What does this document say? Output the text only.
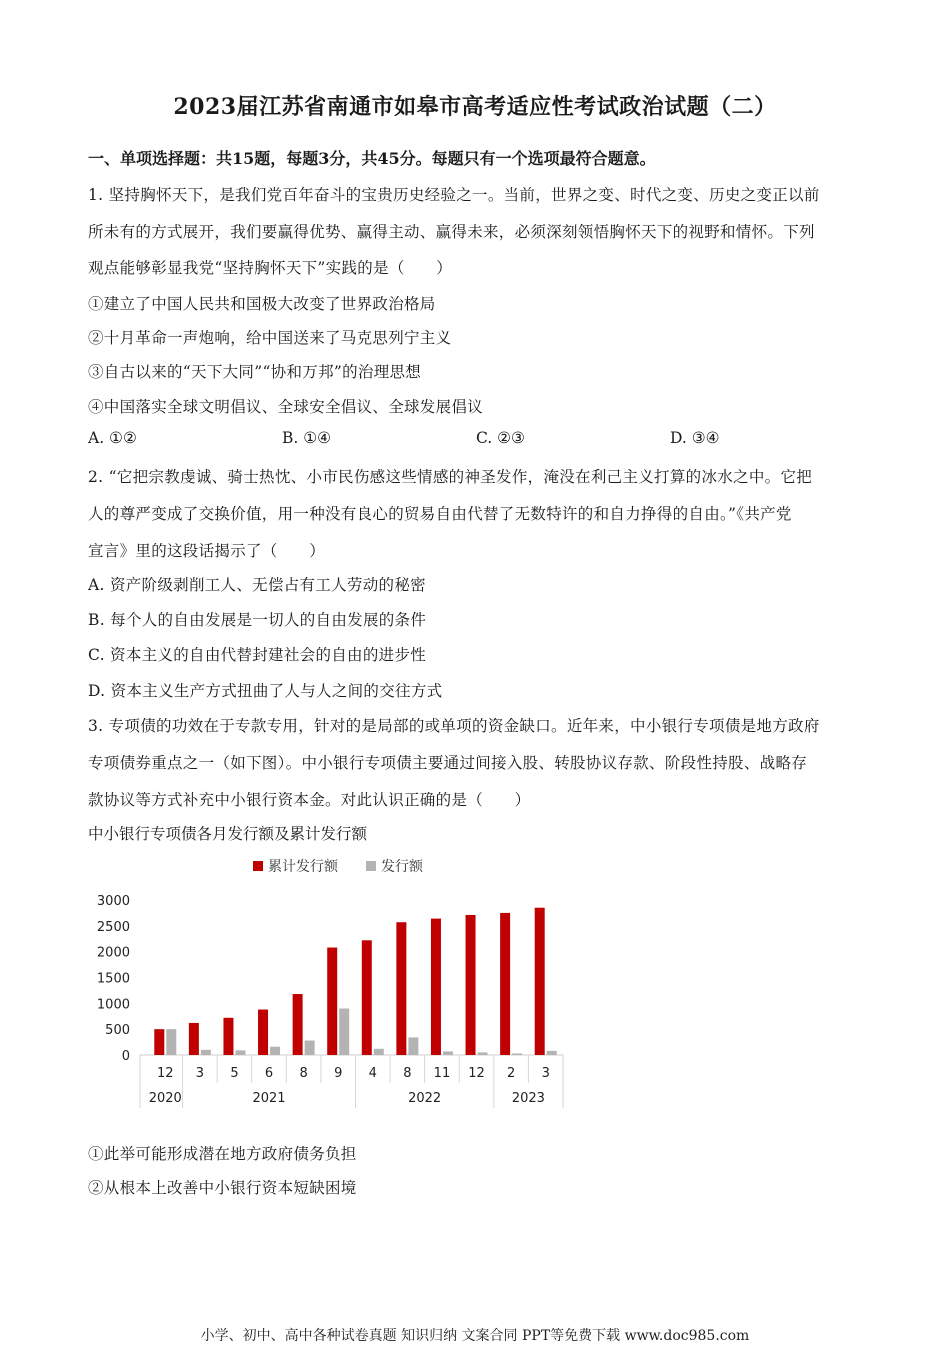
2023届江苏省南通市如皋市高考适应性考试政治试题（二）
一、单项选择题：共15题，每题3分，共45分。每题只有一个选项最符合题意。
1. 坚持胸怀天下，是我们党百年奋斗的宝贵历史经验之一。当前，世界之变、时代之变、历史之变正以前
所未有的方式展开，我们要赢得优势、赢得主动、赢得未来，必须深刻领悟胸怀天下的视野和情怀。下列
观点能够彰显我党“坚持胸怀天下”实践的是（　　）
①建立了中国人民共和国极大改变了世界政治格局
②十月革命一声炮响，给中国送来了马克思列宁主义
③自古以来的“天下大同”“协和万邦”的治理思想
④中国落实全球文明倡议、全球安全倡议、全球发展倡议
A. ①②	B. ①④	C. ②③	D. ③④
2. “它把宗教虔诚、骑士热忱、小市民伤感这些情感的神圣发作，淹没在利己主义打算的冰水之中。它把
人的尊严变成了交换价值，用一种没有良心的贸易自由代替了无数特许的和自力挣得的自由。”《共产党
宣言》里的这段话揭示了（　　）
A. 资产阶级剥削工人、无偿占有工人劳动的秘密
B. 每个人的自由发展是一切人的自由发展的条件
C. 资本主义的自由代替封建社会的自由的进步性
D. 资本主义生产方式扭曲了人与人之间的交往方式
3. 专项债的功效在于专款专用，针对的是局部的或单项的资金缺口。近年来，中小银行专项债是地方政府
专项债券重点之一（如下图）。中小银行专项债主要通过间接入股、转股协议存款、阶段性持股、战略存
款协议等方式补充中小银行资本金。对此认识正确的是（　　）
中小银行专项债各月发行额及累计发行额
累计发行额	发行额
0
500
1000
1500
2000
2500
3000
12 3 5 6 8 9 4 8 11 12 2 3
2020	2021	2022	2023
①此举可能形成潜在地方政府债务负担
②从根本上改善中小银行资本短缺困境
小学、初中、高中各种试卷真题 知识归纳 文案合同 PPT等免费下载 www.doc985.com
